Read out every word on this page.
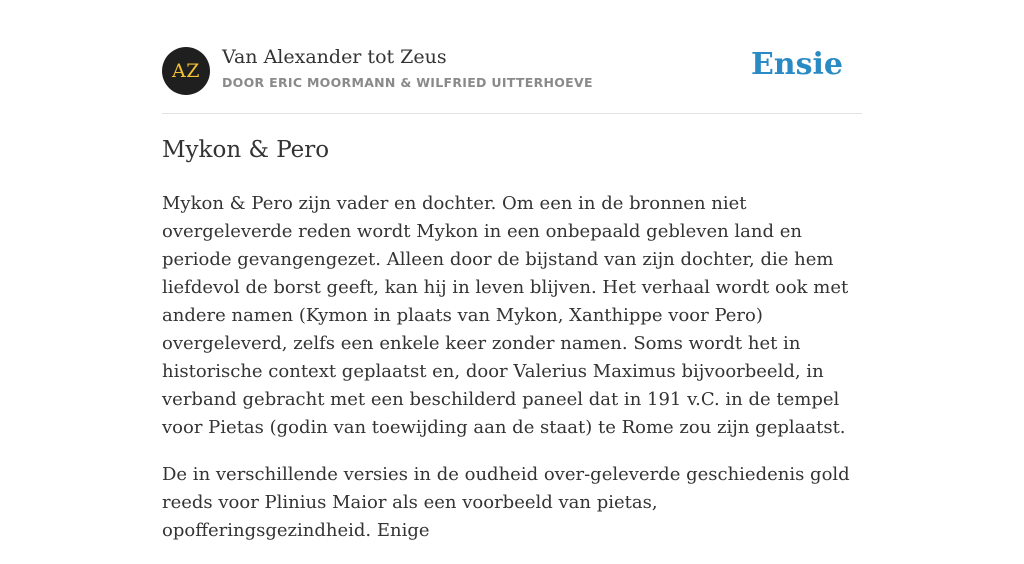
AZ
Van Alexander tot Zeus
DOOR ERIC MOORMANN & WILFRIED UITTERHOEVE
Ensie
Mykon & Pero

Mykon & Pero zijn vader en dochter. Om een in de bronnen niet overgeleverde reden wordt Mykon in een onbepaald gebleven land en periode gevangengezet. Alleen door de bijstand van zijn dochter, die hem liefdevol de borst geeft, kan hij in leven blijven. Het verhaal wordt ook met andere namen (Kymon in plaats van Mykon, Xanthippe voor Pero) overgeleverd, zelfs een enkele keer zonder namen. Soms wordt het in historische context geplaatst en, door Valerius Maximus bijvoorbeeld, in verband gebracht met een beschilderd paneel dat in 191 v.C. in de tempel voor Pietas (godin van toewijding aan de staat) te Rome zou zijn geplaatst.

De in verschillende versies in de oudheid over-geleverde geschiedenis gold reeds voor Plinius Maior als een voorbeeld van pietas, opofferingsgezindheid. Enige
